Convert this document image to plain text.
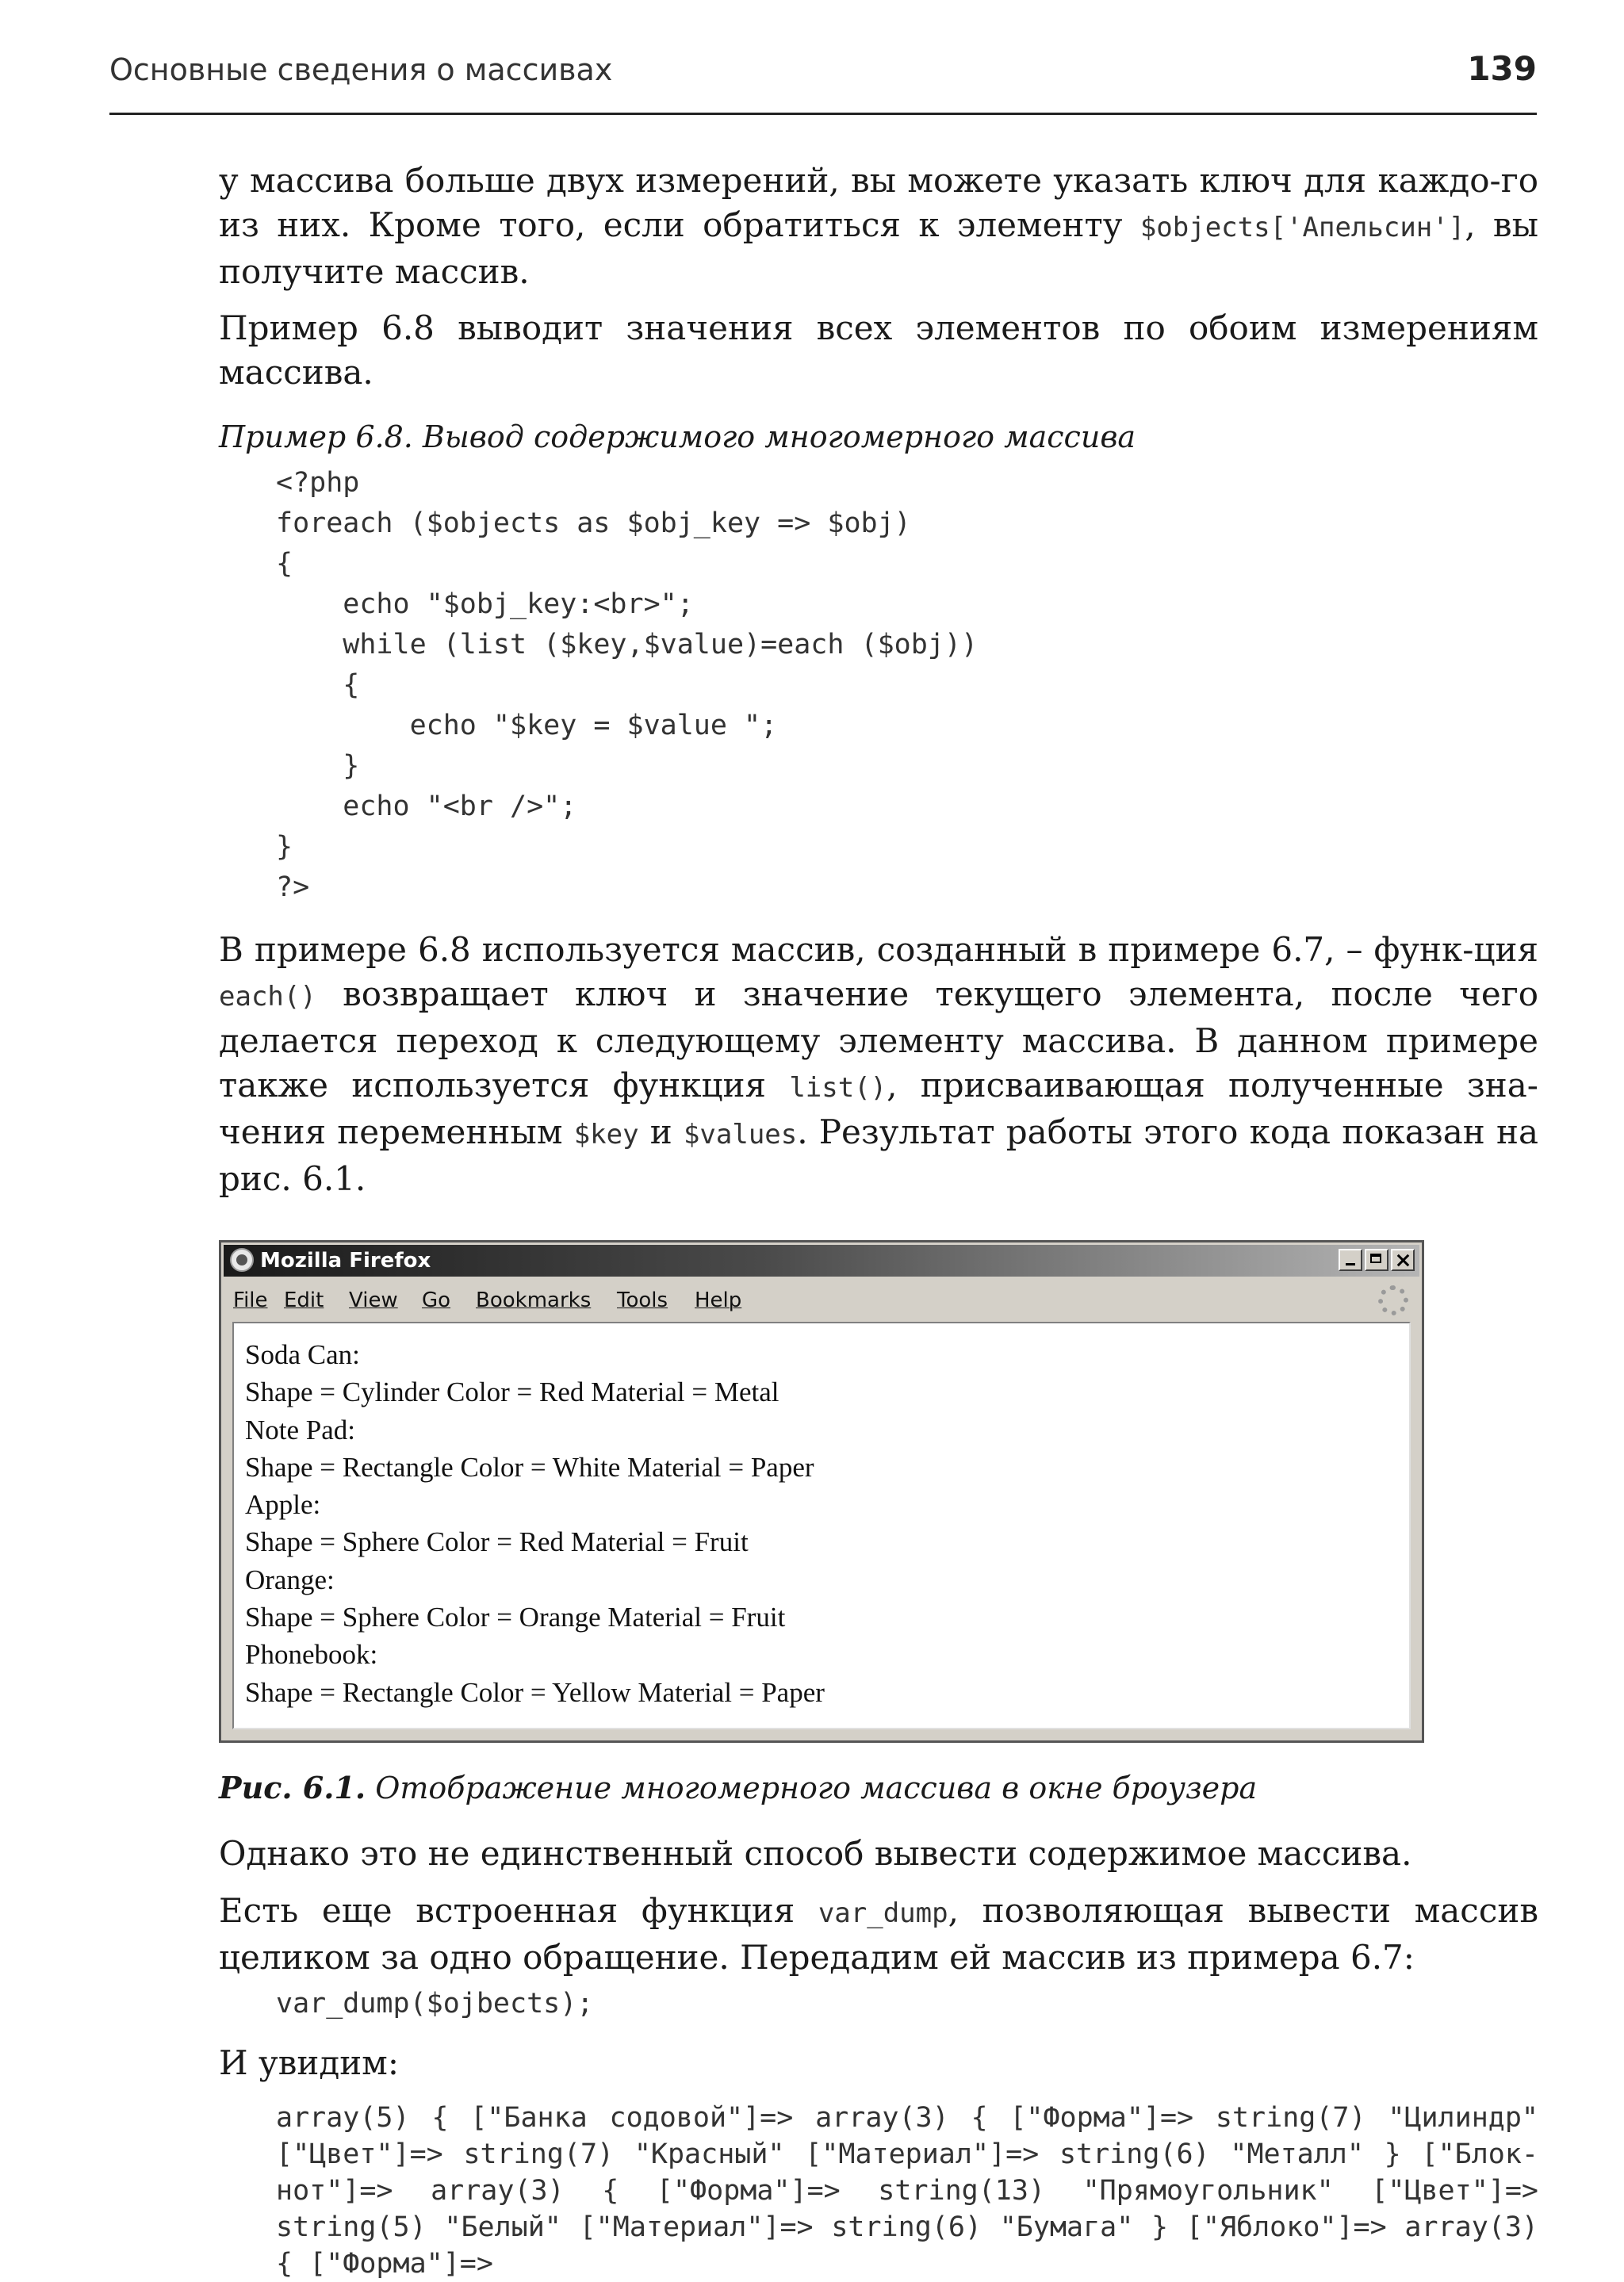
Основные сведения о массивах	139

у массива больше двух измерений, вы можете указать ключ для каждо-го из них. Кроме того, если обратиться к элементу $objects['Апельсин'], вы получите массив.

Пример 6.8 выводит значения всех элементов по обоим измерениям массива.

Пример 6.8. Вывод содержимого многомерного массива

<?php
foreach ($objects as $obj_key => $obj)
{
echo "$obj_key:<br>";
while (list ($key,$value)=each ($obj))
{
echo "$key = $value ";
}
echo "<br />";
}
?>

В примере 6.8 используется массив, созданный в примере 6.7, – функ-ция each() возвращает ключ и значение текущего элемента, после чего делается переход к следующему элементу массива. В данном примере также используется функция list(), присваивающая полученные зна-чения переменным $key и $values. Результат работы этого кода показан на рис. 6.1.

Mozilla Firefox
File Edit View Go Bookmarks Tools Help
Soda Can:
Shape = Cylinder Color = Red Material = Metal
Note Pad:
Shape = Rectangle Color = White Material = Paper
Apple:
Shape = Sphere Color = Red Material = Fruit
Orange:
Shape = Sphere Color = Orange Material = Fruit
Phonebook:
Shape = Rectangle Color = Yellow Material = Paper

Рис. 6.1. Отображение многомерного массива в окне броузера

Однако это не единственный способ вывести содержимое массива.

Есть еще встроенная функция var_dump, позволяющая вывести массив целиком за одно обращение. Передадим ей массив из примера 6.7:

var_dump($ojbects);

И увидим:

array(5) { ["Банка содовой"]=> array(3) { ["Форма"]=> string(7) "Цилиндр" ["Цвет"]=> string(7) "Красный" ["Материал"]=> string(6) "Металл" } ["Блок-нот"]=> array(3) { ["Форма"]=> string(13) "Прямоугольник" ["Цвет"]=> string(5) "Белый" ["Материал"]=> string(6) "Бумага" } ["Яблоко"]=> array(3) { ["Форма"]=>
